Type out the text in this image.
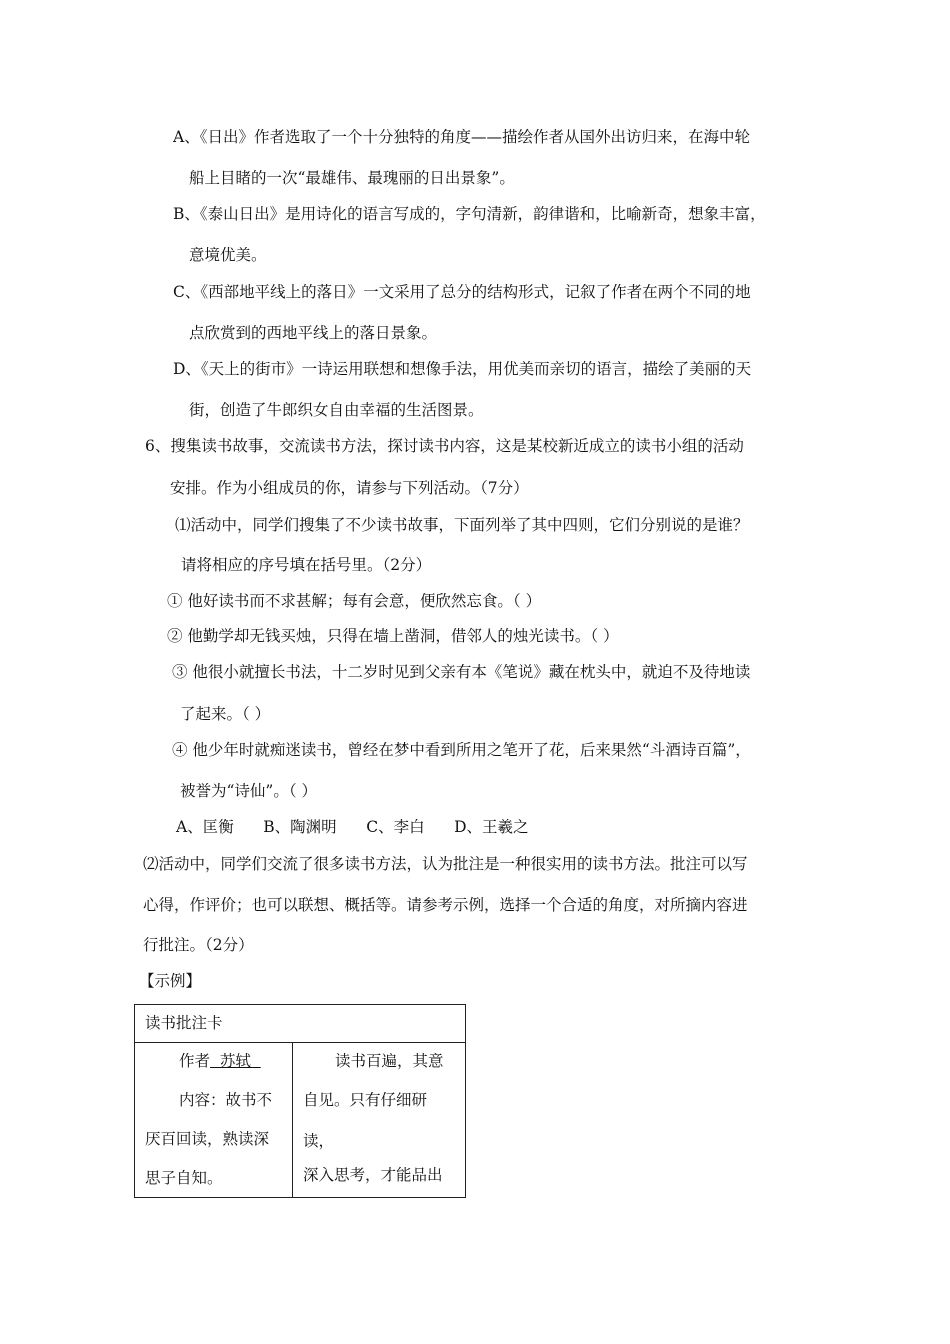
A、《日出》作者选取了一个十分独特的角度——描绘作者从国外出访归来，在海中轮
船上目睹的一次“最雄伟、最瑰丽的日出景象”。
B、《泰山日出》是用诗化的语言写成的，字句清新，韵律谐和，比喻新奇，想象丰富，
意境优美。
C、《西部地平线上的落日》一文采用了总分的结构形式，记叙了作者在两个不同的地
点欣赏到的西地平线上的落日景象。
D、《天上的街市》一诗运用联想和想像手法，用优美而亲切的语言，描绘了美丽的天
街，创造了牛郎织女自由幸福的生活图景。
6、搜集读书故事，交流读书方法，探讨读书内容，这是某校新近成立的读书小组的活动
安排。作为小组成员的你，请参与下列活动。（7分）
⑴活动中，同学们搜集了不少读书故事，下面列举了其中四则，它们分别说的是谁？
请将相应的序号填在括号里。（2分）
① 他好读书而不求甚解；每有会意，便欣然忘食。（ ）
② 他勤学却无钱买烛，只得在墙上凿洞，借邻人的烛光读书。（ ）
③ 他很小就擅长书法，十二岁时见到父亲有本《笔说》藏在枕头中，就迫不及待地读
了起来。（ ）
④ 他少年时就痴迷读书，曾经在梦中看到所用之笔开了花，后来果然“斗酒诗百篇”，
被誉为“诗仙”。（ ）
A、匡衡      B、陶渊明      C、李白      D、王羲之
⑵活动中，同学们交流了很多读书方法，认为批注是一种很实用的读书方法。批注可以写
心得，作评价；也可以联想、概括等。请参考示例，选择一个合适的角度，对所摘内容进
行批注。（2分）
【示例】
读书批注卡
作者  苏轼
内容：故书不
厌百回读，熟读深
思子自知。
读书百遍，其意
自见。只有仔细研
读，
深入思考，才能品出
